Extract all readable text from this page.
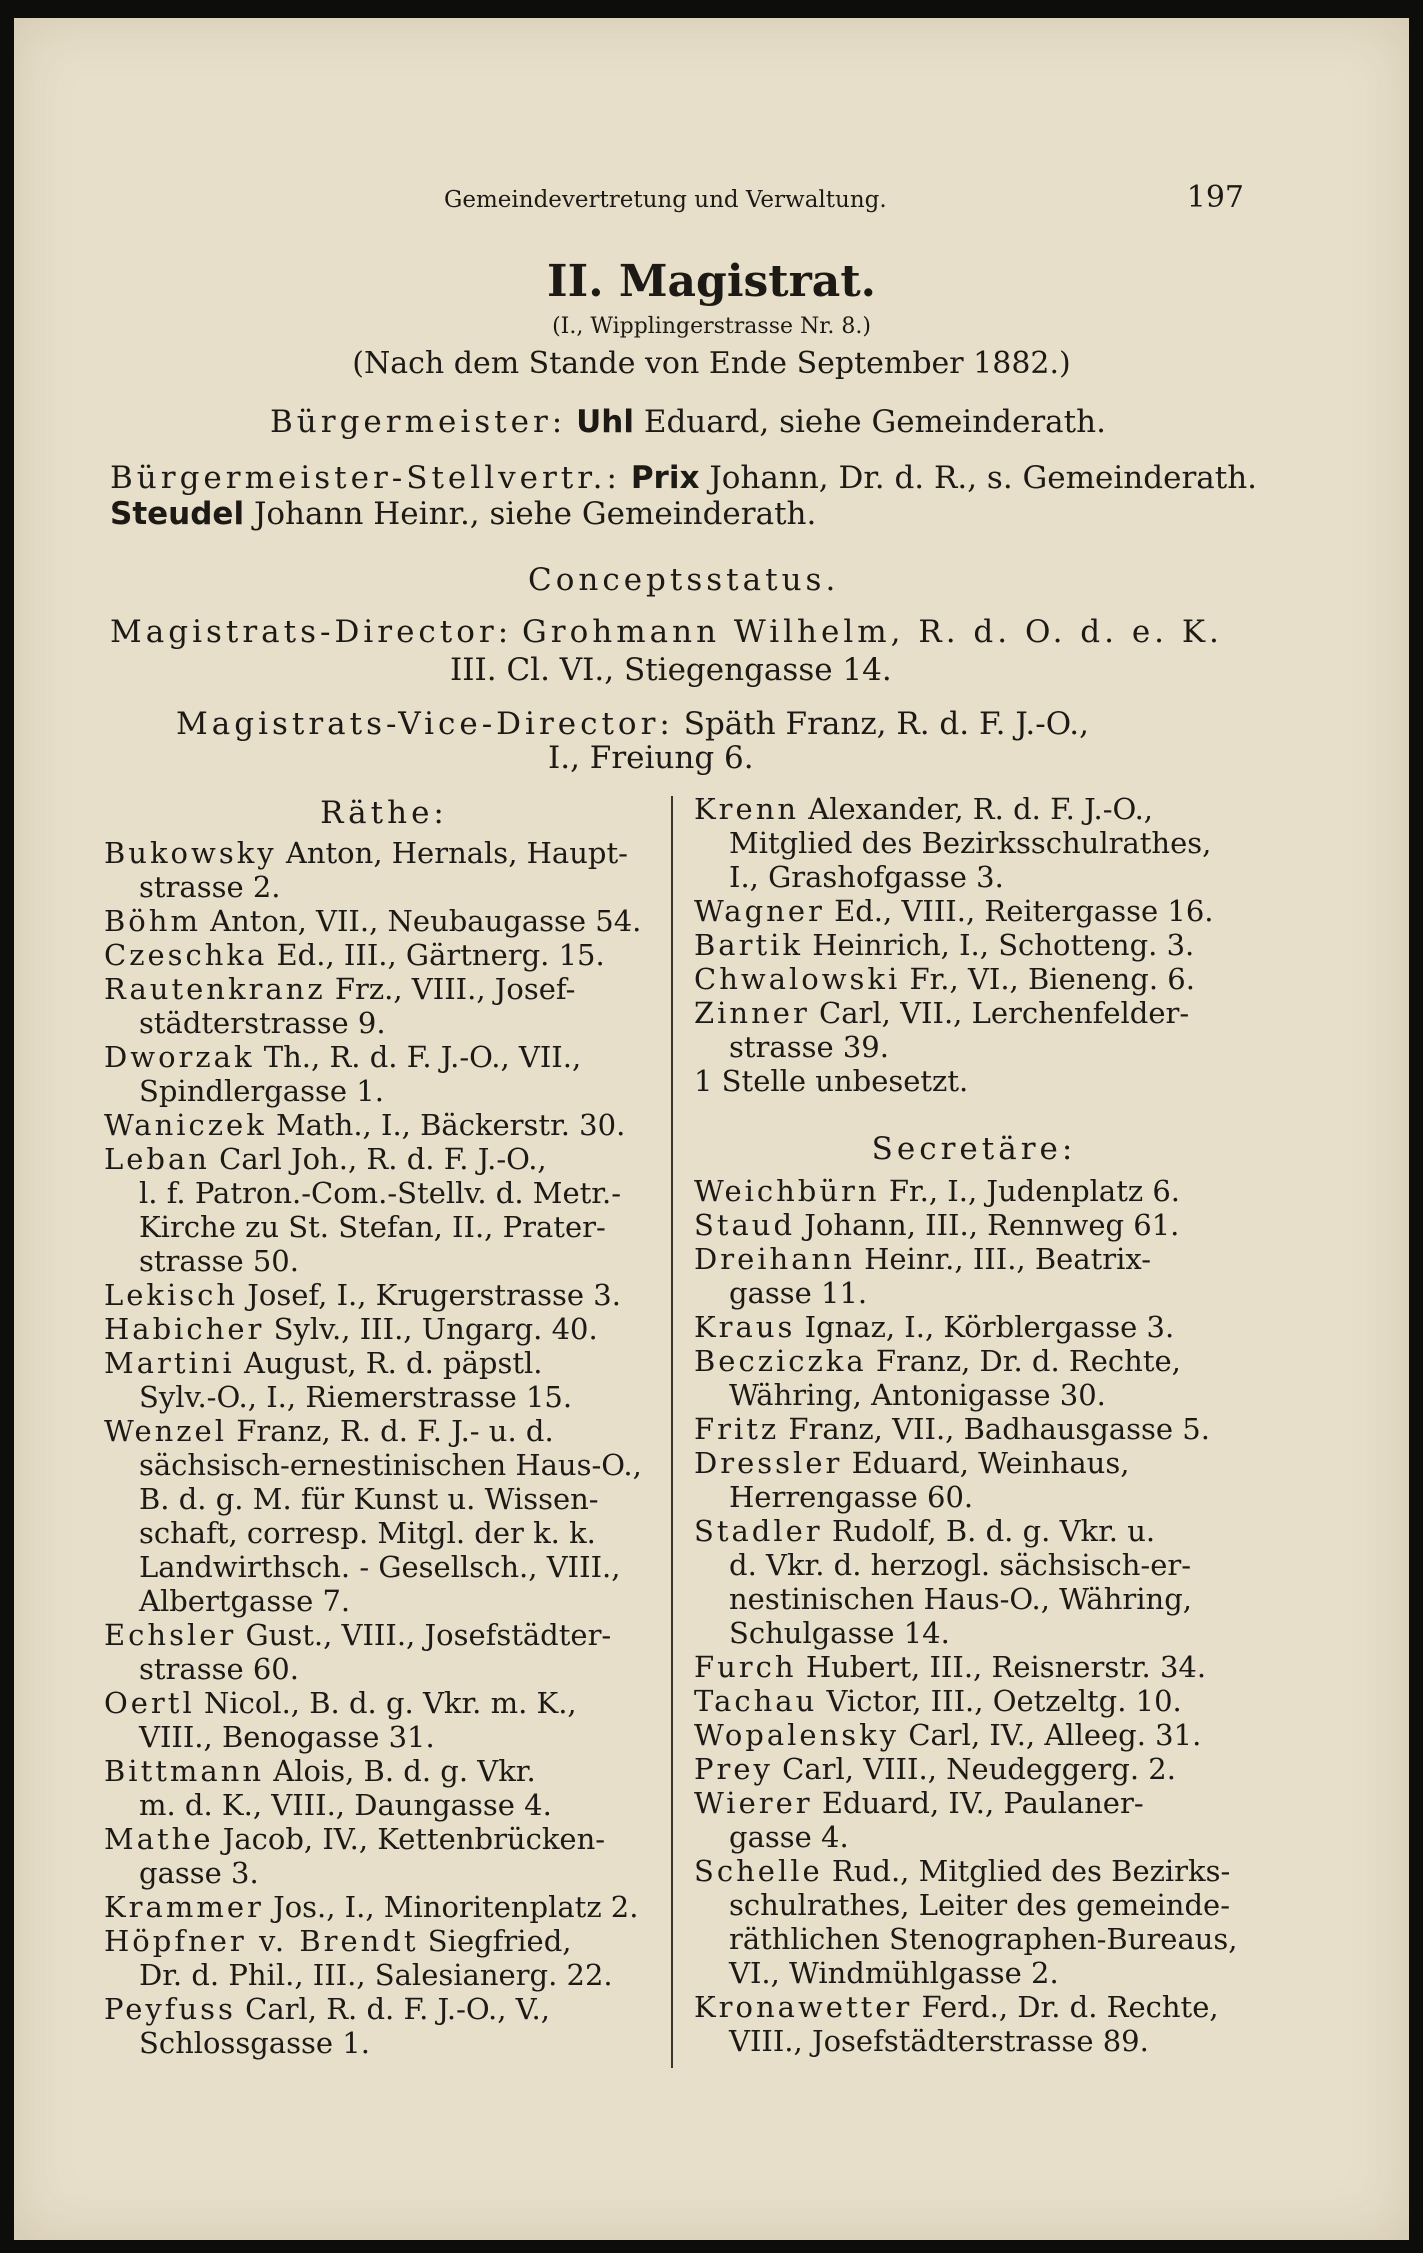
Gemeindevertretung und Verwaltung.	197
II. Magistrat.
(I., Wipplingerstrasse Nr. 8.)
(Nach dem Stande von Ende September 1882.)
Bürgermeister: Uhl Eduard, siehe Gemeinderath.
Bürgermeister-Stellvertr.: Prix Johann, Dr. d. R., s. Gemeinderath.
Steudel Johann Heinr., siehe Gemeinderath.
Conceptsstatus.
Magistrats-Director: Grohmann Wilhelm, R. d. O. d. e. K.
III. Cl. VI., Stiegengasse 14.
Magistrats-Vice-Director: Späth Franz, R. d. F. J.-O.,
I., Freiung 6.
Räthe:
Bukowsky Anton, Hernals, Haupt-
strasse 2.
Böhm Anton, VII., Neubaugasse 54.
Czeschka Ed., III., Gärtnerg. 15.
Rautenkranz Frz., VIII., Josef-
städterstrasse 9.
Dworzak Th., R. d. F. J.-O., VII.,
Spindlergasse 1.
Waniczek Math., I., Bäckerstr. 30.
Leban Carl Joh., R. d. F. J.-O.,
l. f. Patron.-Com.-Stellv. d. Metr.-
Kirche zu St. Stefan, II., Prater-
strasse 50.
Lekisch Josef, I., Krugerstrasse 3.
Habicher Sylv., III., Ungarg. 40.
Martini August, R. d. päpstl.
Sylv.-O., I., Riemerstrasse 15.
Wenzel Franz, R. d. F. J.- u. d.
sächsisch-ernestinischen Haus-O.,
B. d. g. M. für Kunst u. Wissen-
schaft, corresp. Mitgl. der k. k.
Landwirthsch. - Gesellsch., VIII.,
Albertgasse 7.
Echsler Gust., VIII., Josefstädter-
strasse 60.
Oertl Nicol., B. d. g. Vkr. m. K.,
VIII., Benogasse 31.
Bittmann Alois, B. d. g. Vkr.
m. d. K., VIII., Daungasse 4.
Mathe Jacob, IV., Kettenbrücken-
gasse 3.
Krammer Jos., I., Minoritenplatz 2.
Höpfner v. Brendt Siegfried,
Dr. d. Phil., III., Salesianerg. 22.
Peyfuss Carl, R. d. F. J.-O., V.,
Schlossgasse 1.
Krenn Alexander, R. d. F. J.-O.,
Mitglied des Bezirksschulrathes,
I., Grashofgasse 3.
Wagner Ed., VIII., Reitergasse 16.
Bartik Heinrich, I., Schotteng. 3.
Chwalowski Fr., VI., Bieneng. 6.
Zinner Carl, VII., Lerchenfelder-
strasse 39.
1 Stelle unbesetzt.
Secretäre:
Weichbürn Fr., I., Judenplatz 6.
Staud Johann, III., Rennweg 61.
Dreihann Heinr., III., Beatrix-
gasse 11.
Kraus Ignaz, I., Körblergasse 3.
Becziczka Franz, Dr. d. Rechte,
Währing, Antonigasse 30.
Fritz Franz, VII., Badhausgasse 5.
Dressler Eduard, Weinhaus,
Herrengasse 60.
Stadler Rudolf, B. d. g. Vkr. u.
d. Vkr. d. herzogl. sächsisch-er-
nestinischen Haus-O., Währing,
Schulgasse 14.
Furch Hubert, III., Reisnerstr. 34.
Tachau Victor, III., Oetzeltg. 10.
Wopalensky Carl, IV., Alleeg. 31.
Prey Carl, VIII., Neudeggerg. 2.
Wierer Eduard, IV., Paulaner-
gasse 4.
Schelle Rud., Mitglied des Bezirks-
schulrathes, Leiter des gemeinde-
räthlichen Stenographen-Bureaus,
VI., Windmühlgasse 2.
Kronawetter Ferd., Dr. d. Rechte,
VIII., Josefstädterstrasse 89.
